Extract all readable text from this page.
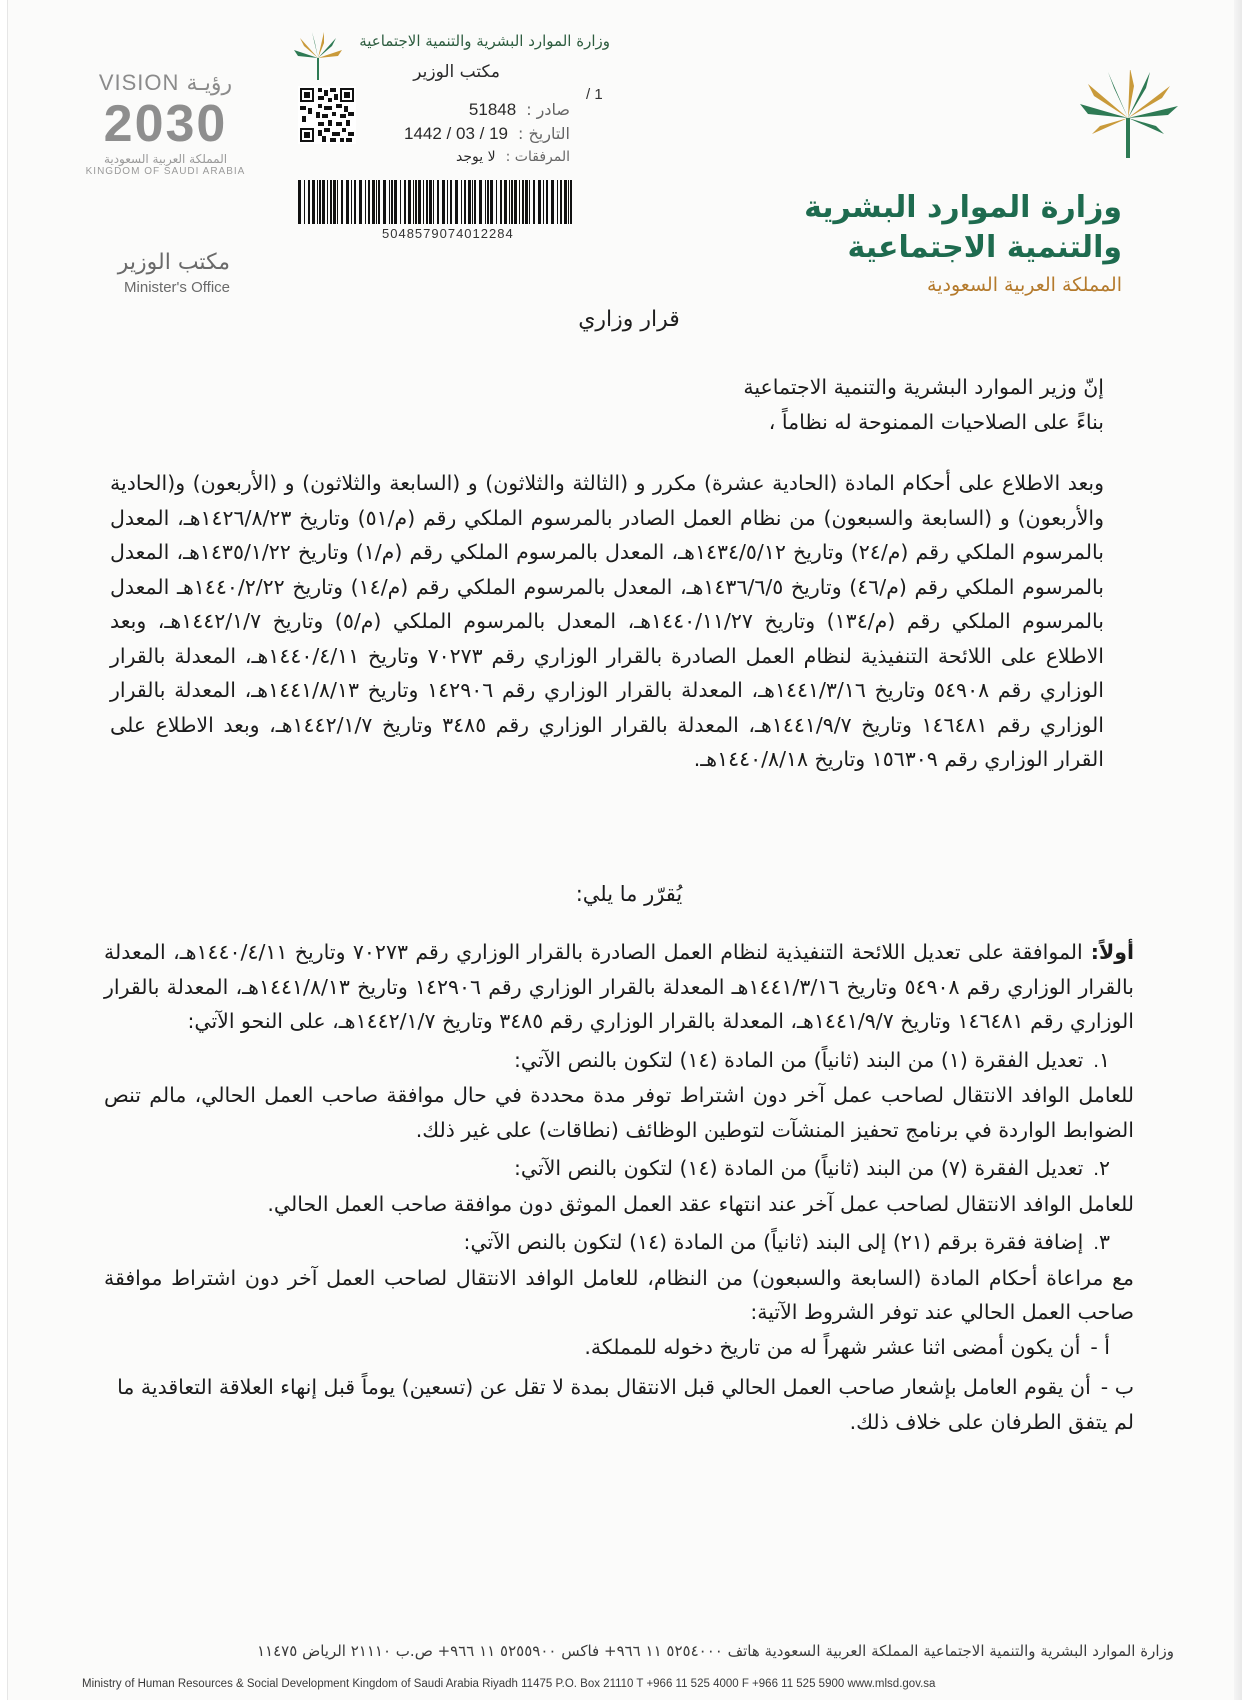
وزارة الموارد البشرية
والتنمية الاجتماعية
المملكة العربية السعودية
VISION رؤيـة
2030
المملكة العربية السعودية
KINGDOM OF SAUDI ARABIA
مكتب الوزير
Minister's Office
وزارة الموارد البشرية والتنمية الاجتماعية
مكتب الوزير
/ 1
صادر :51848
التاريخ :1442 / 03 / 19
المرفقات :لا يوجد
5048579074012284
قرار وزاري

إنّ وزير الموارد البشرية والتنمية الاجتماعية

بناءً على الصلاحيات الممنوحة له نظاماً ،

وبعد الاطلاع على أحكام المادة (الحادية عشرة) مكرر و (الثالثة والثلاثون) و (السابعة والثلاثون) و (الأربعون) و(الحادية والأربعون) و (السابعة والسبعون) من نظام العمل الصادر بالمرسوم الملكي رقم (م/٥١) وتاريخ ١٤٢٦/٨/٢٣هـ، المعدل بالمرسوم الملكي رقم (م/٢٤) وتاريخ ١٤٣٤/٥/١٢هـ، المعدل بالمرسوم الملكي رقم (م/١) وتاريخ ١٤٣٥/١/٢٢هـ، المعدل بالمرسوم الملكي رقم (م/٤٦) وتاريخ ١٤٣٦/٦/٥هـ، المعدل بالمرسوم الملكي رقم (م/١٤) وتاريخ ١٤٤٠/٢/٢٢هـ المعدل بالمرسوم الملكي رقم (م/١٣٤) وتاريخ ١٤٤٠/١١/٢٧هـ، المعدل بالمرسوم الملكي (م/٥) وتاريخ ١٤٤٢/١/٧هـ، وبعد الاطلاع على اللائحة التنفيذية لنظام العمل الصادرة بالقرار الوزاري رقم ٧٠٢٧٣ وتاريخ ١٤٤٠/٤/١١هـ، المعدلة بالقرار الوزاري رقم ٥٤٩٠٨ وتاريخ ١٤٤١/٣/١٦هـ، المعدلة بالقرار الوزاري رقم ١٤٢٩٠٦ وتاريخ ١٤٤١/٨/١٣هـ، المعدلة بالقرار الوزاري رقم ١٤٦٤٨١ وتاريخ ١٤٤١/٩/٧هـ، المعدلة بالقرار الوزاري رقم ٣٤٨٥ وتاريخ ١٤٤٢/١/٧هـ، وبعد الاطلاع على القرار الوزاري رقم ١٥٦٣٠٩ وتاريخ ١٤٤٠/٨/١٨هـ.

يُقرّر ما يلي:

أولاً:الموافقة على تعديل اللائحة التنفيذية لنظام العمل الصادرة بالقرار الوزاري رقم ٧٠٢٧٣ وتاريخ ١٤٤٠/٤/١١هـ، المعدلة بالقرار الوزاري رقم ٥٤٩٠٨ وتاريخ ١٤٤١/٣/١٦هـ المعدلة بالقرار الوزاري رقم ١٤٢٩٠٦ وتاريخ ١٤٤١/٨/١٣هـ، المعدلة بالقرار الوزاري رقم ١٤٦٤٨١ وتاريخ ١٤٤١/٩/٧هـ، المعدلة بالقرار الوزاري رقم ٣٤٨٥ وتاريخ ١٤٤٢/١/٧هـ، على النحو الآتي:

١.تعديل الفقرة (١) من البند (ثانياً) من المادة (١٤) لتكون بالنص الآتي:
للعامل الوافد الانتقال لصاحب عمل آخر دون اشتراط توفر مدة محددة في حال موافقة صاحب العمل الحالي، مالم تنص الضوابط الواردة في برنامج تحفيز المنشآت لتوطين الوظائف (نطاقات) على غير ذلك.
٢.تعديل الفقرة (٧) من البند (ثانياً) من المادة (١٤) لتكون بالنص الآتي:
للعامل الوافد الانتقال لصاحب عمل آخر عند انتهاء عقد العمل الموثق دون موافقة صاحب العمل الحالي.
٣.إضافة فقرة برقم (٢١) إلى البند (ثانياً) من المادة (١٤) لتكون بالنص الآتي:
مع مراعاة أحكام المادة (السابعة والسبعون) من النظام، للعامل الوافد الانتقال لصاحب العمل آخر دون اشتراط موافقة صاحب العمل الحالي عند توفر الشروط الآتية:
أ -أن يكون أمضى اثنا عشر شهراً له من تاريخ دخوله للمملكة.
ب -أن يقوم العامل بإشعار صاحب العمل الحالي قبل الانتقال بمدة لا تقل عن (تسعين) يوماً قبل إنهاء العلاقة التعاقدية ما لم يتفق الطرفان على خلاف ذلك.
وزارة الموارد البشرية والتنمية الاجتماعية المملكة العربية السعودية هاتف ٥٢٥٤٠٠٠ ١١ ٩٦٦+ فاكس ٥٢٥٥٩٠٠ ١١ ٩٦٦+ ص.ب ٢١١١٠ الرياض ١١٤٧٥
Ministry of Human Resources & Social Development Kingdom of Saudi Arabia Riyadh 11475 P.O. Box 21110 T +966 11 525 4000 F +966 11 525 5900 www.mlsd.gov.sa
